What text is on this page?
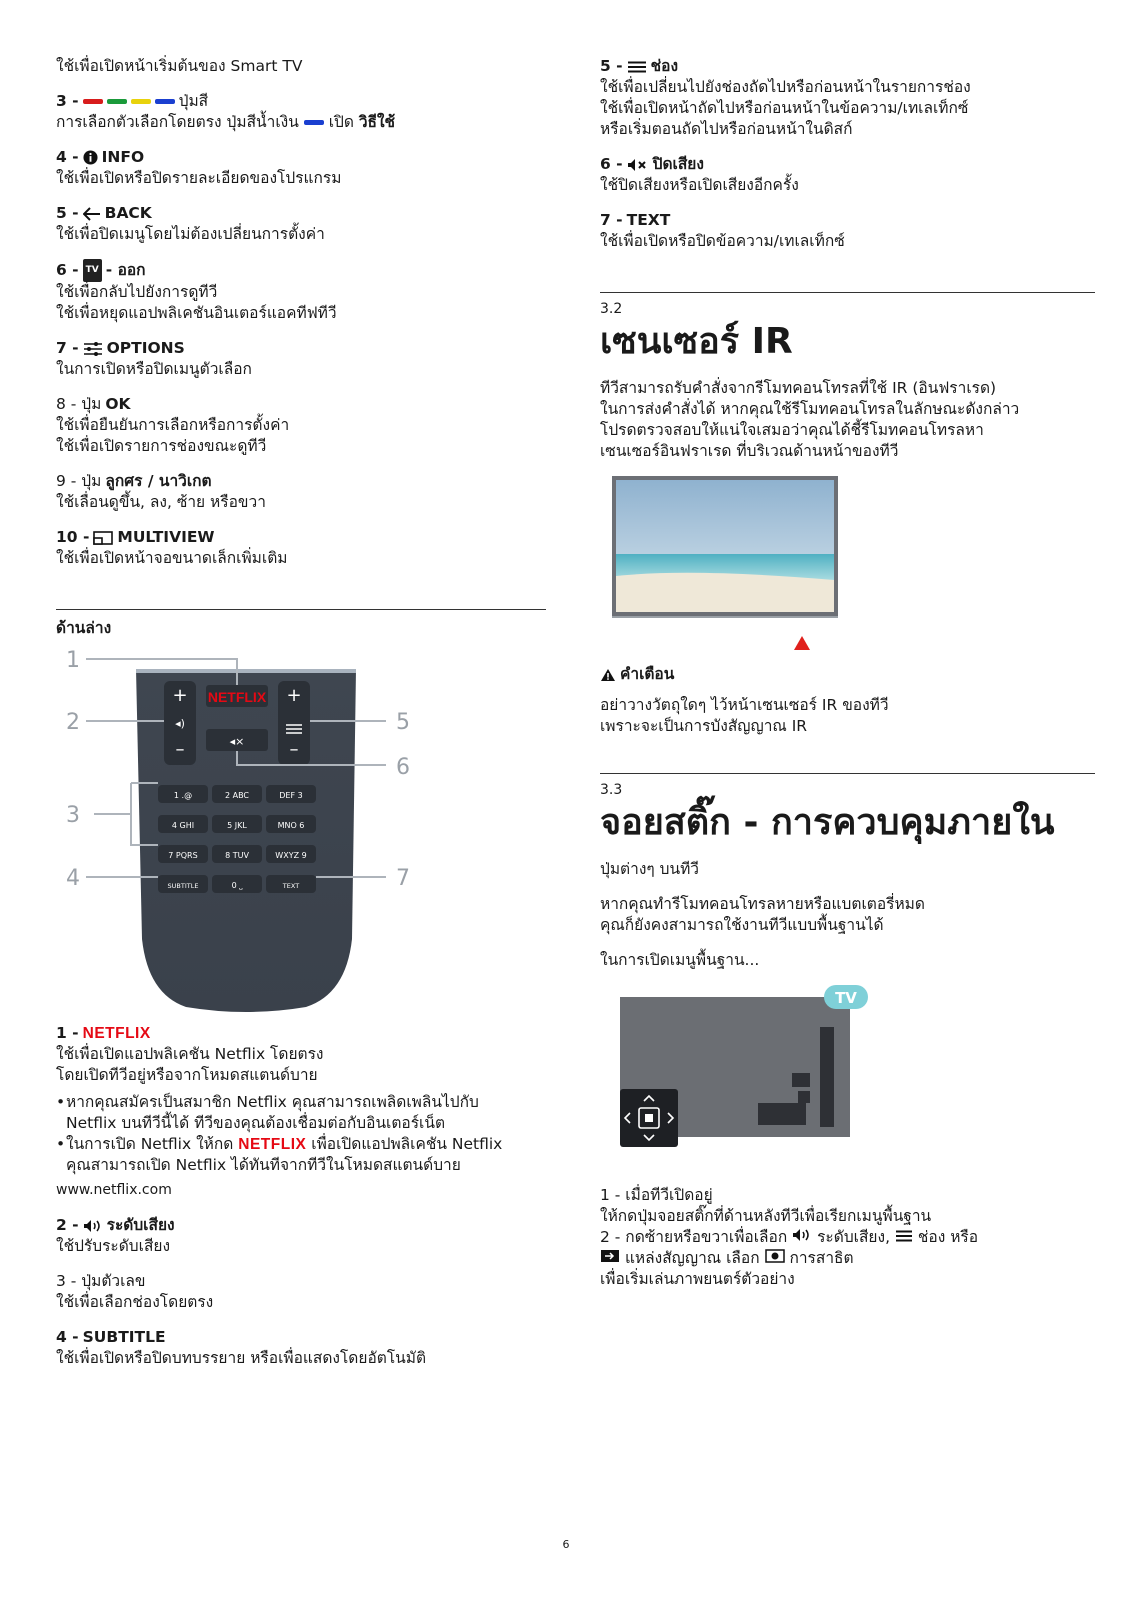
ใช้เพื่อเปิดหน้าเริ่มต้นของ Smart TV

3 -	ปุ่มสี

การเลือกตัวเลือกโดยตรง ปุ่มสีน้ำเงิน เปิด วิธีใช้

4 - INFO

ใช้เพื่อเปิดหรือปิดรายละเอียดของโปรแกรม

5 - BACK

ใช้เพื่อปิดเมนูโดยไม่ต้องเปลี่ยนการตั้งค่า

6 - TV - ออก

ใช้เพื่อกลับไปยังการดูทีวี

ใช้เพื่อหยุดแอปพลิเคชันอินเตอร์แอคทีฟทีวี

7 - OPTIONS

ในการเปิดหรือปิดเมนูตัวเลือก

8 - ปุ่ม OK

ใช้เพื่อยืนยันการเลือกหรือการตั้งค่า

ใช้เพื่อเปิดรายการช่องขณะดูทีวี

9 - ปุ่ม ลูกศร / นาวิเกต

ใช้เลื่อนดูขึ้น, ลง, ซ้าย หรือขวา

10 - MULTIVIEW

ใช้เพื่อเปิดหน้าจอขนาดเล็กเพิ่มเติม

ด้านล่าง

+
◂)
–
+
–
NETFLIX
◂×
1 .@	2 ABC	DEF 3
4 GHI	5 JKL	MNO 6
7 PQRS	8 TUV	WXYZ 9
SUBTITLE	0 ⎵	TEXT
1
2
3
4
5
6
7
1 - NETFLIX

ใช้เพื่อเปิดแอปพลิเคชัน Netflix โดยตรง

โดยเปิดทีวีอยู่หรือจากโหมดสแตนด์บาย

• หากคุณสมัครเป็นสมาชิก Netflix คุณสามารถเพลิดเพลินไปกับ
Netflix บนทีวีนี้ได้ ทีวีของคุณต้องเชื่อมต่อกับอินเตอร์เน็ต
• ในการเปิด Netflix ให้กด NETFLIX เพื่อเปิดแอปพลิเคชัน Netflix
คุณสามารถเปิด Netflix ได้ทันทีจากทีวีในโหมดสแตนด์บาย

www.netflix.com

2 - ระดับเสียง

ใช้ปรับระดับเสียง

3 - ปุ่มตัวเลข

ใช้เพื่อเลือกช่องโดยตรง

4 - SUBTITLE

ใช้เพื่อเปิดหรือปิดบทบรรยาย หรือเพื่อแสดงโดยอัตโนมัติ

5 - ช่อง

ใช้เพื่อเปลี่ยนไปยังช่องถัดไปหรือก่อนหน้าในรายการช่อง

ใช้เพื่อเปิดหน้าถัดไปหรือก่อนหน้าในข้อความ/เทเลเท็กซ์

หรือเริ่มตอนถัดไปหรือก่อนหน้าในดิสก์

6 - ปิดเสียง

ใช้ปิดเสียงหรือเปิดเสียงอีกครั้ง

7 - TEXT

ใช้เพื่อเปิดหรือปิดข้อความ/เทเลเท็กซ์

3.2

เซนเซอร์ IR

ทีวีสามารถรับคำสั่งจากรีโมทคอนโทรลที่ใช้ IR (อินฟราเรด)

ในการส่งคำสั่งได้ หากคุณใช้รีโมทคอนโทรลในลักษณะดังกล่าว

โปรดตรวจสอบให้แน่ใจเสมอว่าคุณได้ชี้รีโมทคอนโทรลหา

เซนเซอร์อินฟราเรด ที่บริเวณด้านหน้าของทีวี

คำเตือน

อย่าวางวัตถุใดๆ ไว้หน้าเซนเซอร์ IR ของทีวี

เพราะจะเป็นการบังสัญญาณ IR

3.3

จอยสติ๊ก - การควบคุมภายใน

ปุ่มต่างๆ บนทีวี

หากคุณทำรีโมทคอนโทรลหายหรือแบตเตอรี่หมด

คุณก็ยังคงสามารถใช้งานทีวีแบบพื้นฐานได้

ในการเปิดเมนูพื้นฐาน...

TV

1 - เมื่อทีวีเปิดอยู่

ให้กดปุ่มจอยสติ๊กที่ด้านหลังทีวีเพื่อเรียกเมนูพื้นฐาน

2 - กดซ้ายหรือขวาเพื่อเลือก ระดับเสียง, ช่อง หรือ

แหล่งสัญญาณ เลือก การสาธิต

เพื่อเริ่มเล่นภาพยนตร์ตัวอย่าง

6
